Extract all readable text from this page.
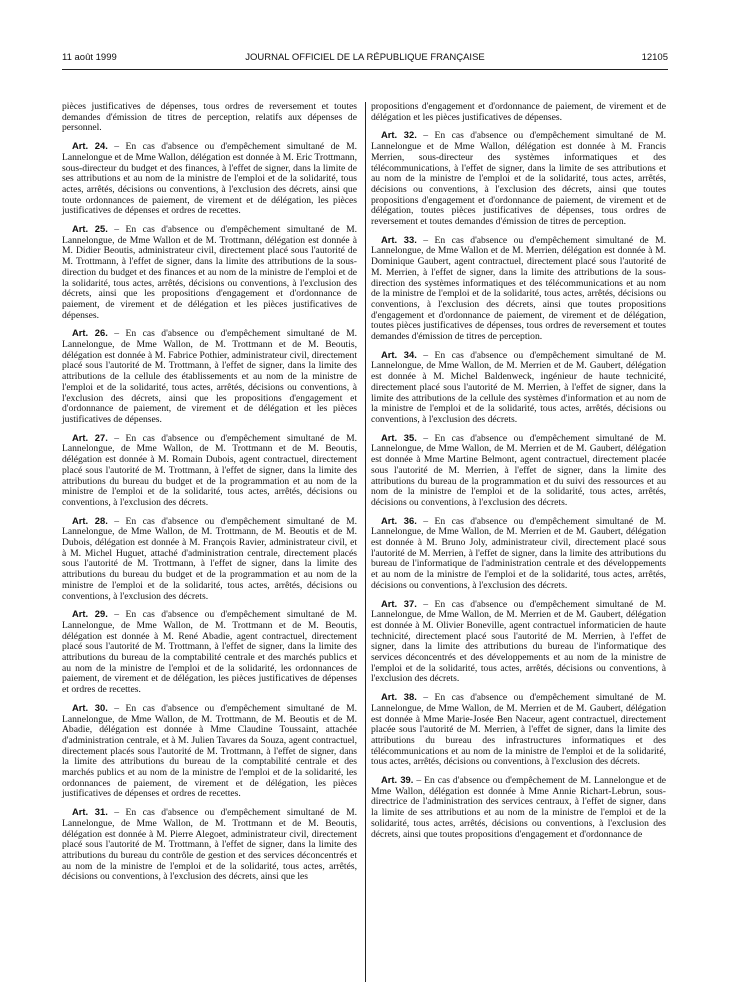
11 août 1999	JOURNAL OFFICIEL DE LA RÉPUBLIQUE FRANÇAISE	12105

pièces justificatives de dépenses, tous ordres de reversement et toutes demandes d'émission de titres de perception, relatifs aux dépenses de personnel.

Art. 24. – En cas d'absence ou d'empêchement simultané de M. Lannelongue et de Mme Wallon, délégation est donnée à M. Eric Trottmann, sous-directeur du budget et des finances, à l'effet de signer, dans la limite de ses attributions et au nom de la ministre de l'emploi et de la solidarité, tous actes, arrêtés, décisions ou conventions, à l'exclusion des décrets, ainsi que toute ordonnances de paiement, de virement et de délégation, les pièces justificatives de dépenses et ordres de recettes.

Art. 25. – En cas d'absence ou d'empêchement simultané de M. Lannelongue, de Mme Wallon et de M. Trottmann, délégation est donnée à M. Didier Beoutis, administrateur civil, directement placé sous l'autorité de M. Trottmann, à l'effet de signer, dans la limite des attributions de la sous-direction du budget et des finances et au nom de la ministre de l'emploi et de la solidarité, tous actes, arrêtés, décisions ou conventions, à l'exclusion des décrets, ainsi que les propositions d'engagement et d'ordonnance de paiement, de virement et de délégation et les pièces justificatives de dépenses.

Art. 26. – En cas d'absence ou d'empêchement simultané de M. Lannelongue, de Mme Wallon, de M. Trottmann et de M. Beoutis, délégation est donnée à M. Fabrice Pothier, administrateur civil, directement placé sous l'autorité de M. Trottmann, à l'effet de signer, dans la limite des attributions de la cellule des établissements et au nom de la ministre de l'emploi et de la solidarité, tous actes, arrêtés, décisions ou conventions, à l'exclusion des décrets, ainsi que les propositions d'engagement et d'ordonnance de paiement, de virement et de délégation et les pièces justificatives de dépenses.

Art. 27. – En cas d'absence ou d'empêchement simultané de M. Lannelongue, de Mme Wallon, de M. Trottmann et de M. Beoutis, délégation est donnée à M. Romain Dubois, agent contractuel, directement placé sous l'autorité de M. Trottmann, à l'effet de signer, dans la limite des attributions du bureau du budget et de la programmation et au nom de la ministre de l'emploi et de la solidarité, tous actes, arrêtés, décisions ou conventions, à l'exclusion des décrets.

Art. 28. – En cas d'absence ou d'empêchement simultané de M. Lannelongue, de Mme Wallon, de M. Trottmann, de M. Beoutis et de M. Dubois, délégation est donnée à M. François Ravier, administrateur civil, et à M. Michel Huguet, attaché d'administration centrale, directement placés sous l'autorité de M. Trottmann, à l'effet de signer, dans la limite des attributions du bureau du budget et de la programmation et au nom de la ministre de l'emploi et de la solidarité, tous actes, arrêtés, décisions ou conventions, à l'exclusion des décrets.

Art. 29. – En cas d'absence ou d'empêchement simultané de M. Lannelongue, de Mme Wallon, de M. Trottmann et de M. Beoutis, délégation est donnée à M. René Abadie, agent contractuel, directement placé sous l'autorité de M. Trottmann, à l'effet de signer, dans la limite des attributions du bureau de la comptabilité centrale et des marchés publics et au nom de la ministre de l'emploi et de la solidarité, les ordonnances de paiement, de virement et de délégation, les pièces justificatives de dépenses et ordres de recettes.

Art. 30. – En cas d'absence ou d'empêchement simultané de M. Lannelongue, de Mme Wallon, de M. Trottmann, de M. Beoutis et de M. Abadie, délégation est donnée à Mme Claudine Toussaint, attachée d'administration centrale, et à M. Julien Tavares da Souza, agent contractuel, directement placés sous l'autorité de M. Trottmann, à l'effet de signer, dans la limite des attributions du bureau de la comptabilité centrale et des marchés publics et au nom de la ministre de l'emploi et de la solidarité, les ordonnances de paiement, de virement et de délégation, les pièces justificatives de dépenses et ordres de recettes.

Art. 31. – En cas d'absence ou d'empêchement simultané de M. Lannelongue, de Mme Wallon, de M. Trottmann et de M. Beoutis, délégation est donnée à M. Pierre Alegoet, administrateur civil, directement placé sous l'autorité de M. Trottmann, à l'effet de signer, dans la limite des attributions du bureau du contrôle de gestion et des services déconcentrés et au nom de la ministre de l'emploi et de la solidarité, tous actes, arrêtés, décisions ou conventions, à l'exclusion des décrets, ainsi que les

propositions d'engagement et d'ordonnance de paiement, de virement et de délégation et les pièces justificatives de dépenses.

Art. 32. – En cas d'absence ou d'empêchement simultané de M. Lannelongue et de Mme Wallon, délégation est donnée à M. Francis Merrien, sous-directeur des systèmes informatiques et des télécommunications, à l'effet de signer, dans la limite de ses attributions et au nom de la ministre de l'emploi et de la solidarité, tous actes, arrêtés, décisions ou conventions, à l'exclusion des décrets, ainsi que toutes propositions d'engagement et d'ordonnance de paiement, de virement et de délégation, toutes pièces justificatives de dépenses, tous ordres de reversement et toutes demandes d'émission de titres de perception.

Art. 33. – En cas d'absence ou d'empêchement simultané de M. Lannelongue, de Mme Wallon et de M. Merrien, délégation est donnée à M. Dominique Gaubert, agent contractuel, directement placé sous l'autorité de M. Merrien, à l'effet de signer, dans la limite des attributions de la sous-direction des systèmes informatiques et des télécommunications et au nom de la ministre de l'emploi et de la solidarité, tous actes, arrêtés, décisions ou conventions, à l'exclusion des décrets, ainsi que toutes propositions d'engagement et d'ordonnance de paiement, de virement et de délégation, toutes pièces justificatives de dépenses, tous ordres de reversement et toutes demandes d'émission de titres de perception.

Art. 34. – En cas d'absence ou d'empêchement simultané de M. Lannelongue, de Mme Wallon, de M. Merrien et de M. Gaubert, délégation est donnée à M. Michel Baldenweck, ingénieur de haute technicité, directement placé sous l'autorité de M. Merrien, à l'effet de signer, dans la limite des attributions de la cellule des systèmes d'information et au nom de la ministre de l'emploi et de la solidarité, tous actes, arrêtés, décisions ou conventions, à l'exclusion des décrets.

Art. 35. – En cas d'absence ou d'empêchement simultané de M. Lannelongue, de Mme Wallon, de M. Merrien et de M. Gaubert, délégation est donnée à Mme Martine Belmont, agent contractuel, directement placée sous l'autorité de M. Merrien, à l'effet de signer, dans la limite des attributions du bureau de la programmation et du suivi des ressources et au nom de la ministre de l'emploi et de la solidarité, tous actes, arrêtés, décisions ou conventions, à l'exclusion des décrets.

Art. 36. – En cas d'absence ou d'empêchement simultané de M. Lannelongue, de Mme Wallon, de M. Merrien et de M. Gaubert, délégation est donnée à M. Bruno Joly, administrateur civil, directement placé sous l'autorité de M. Merrien, à l'effet de signer, dans la limite des attributions du bureau de l'informatique de l'administration centrale et des développements et au nom de la ministre de l'emploi et de la solidarité, tous actes, arrêtés, décisions ou conventions, à l'exclusion des décrets.

Art. 37. – En cas d'absence ou d'empêchement simultané de M. Lannelongue, de Mme Wallon, de M. Merrien et de M. Gaubert, délégation est donnée à M. Olivier Boneville, agent contractuel informaticien de haute technicité, directement placé sous l'autorité de M. Merrien, à l'effet de signer, dans la limite des attributions du bureau de l'informatique des services déconcentrés et des développements et au nom de la ministre de l'emploi et de la solidarité, tous actes, arrêtés, décisions ou conventions, à l'exclusion des décrets.

Art. 38. – En cas d'absence ou d'empêchement simultané de M. Lannelongue, de Mme Wallon, de M. Merrien et de M. Gaubert, délégation est donnée à Mme Marie-Josée Ben Naceur, agent contractuel, directement placée sous l'autorité de M. Merrien, à l'effet de signer, dans la limite des attributions du bureau des infrastructures informatiques et des télécommunications et au nom de la ministre de l'emploi et de la solidarité, tous actes, arrêtés, décisions ou conventions, à l'exclusion des décrets.

Art. 39. – En cas d'absence ou d'empêchement de M. Lannelongue et de Mme Wallon, délégation est donnée à Mme Annie Richart-Lebrun, sous-directrice de l'administration des services centraux, à l'effet de signer, dans la limite de ses attributions et au nom de la ministre de l'emploi et de la solidarité, tous actes, arrêtés, décisions ou conventions, à l'exclusion des décrets, ainsi que toutes propositions d'engagement et d'ordonnance de
